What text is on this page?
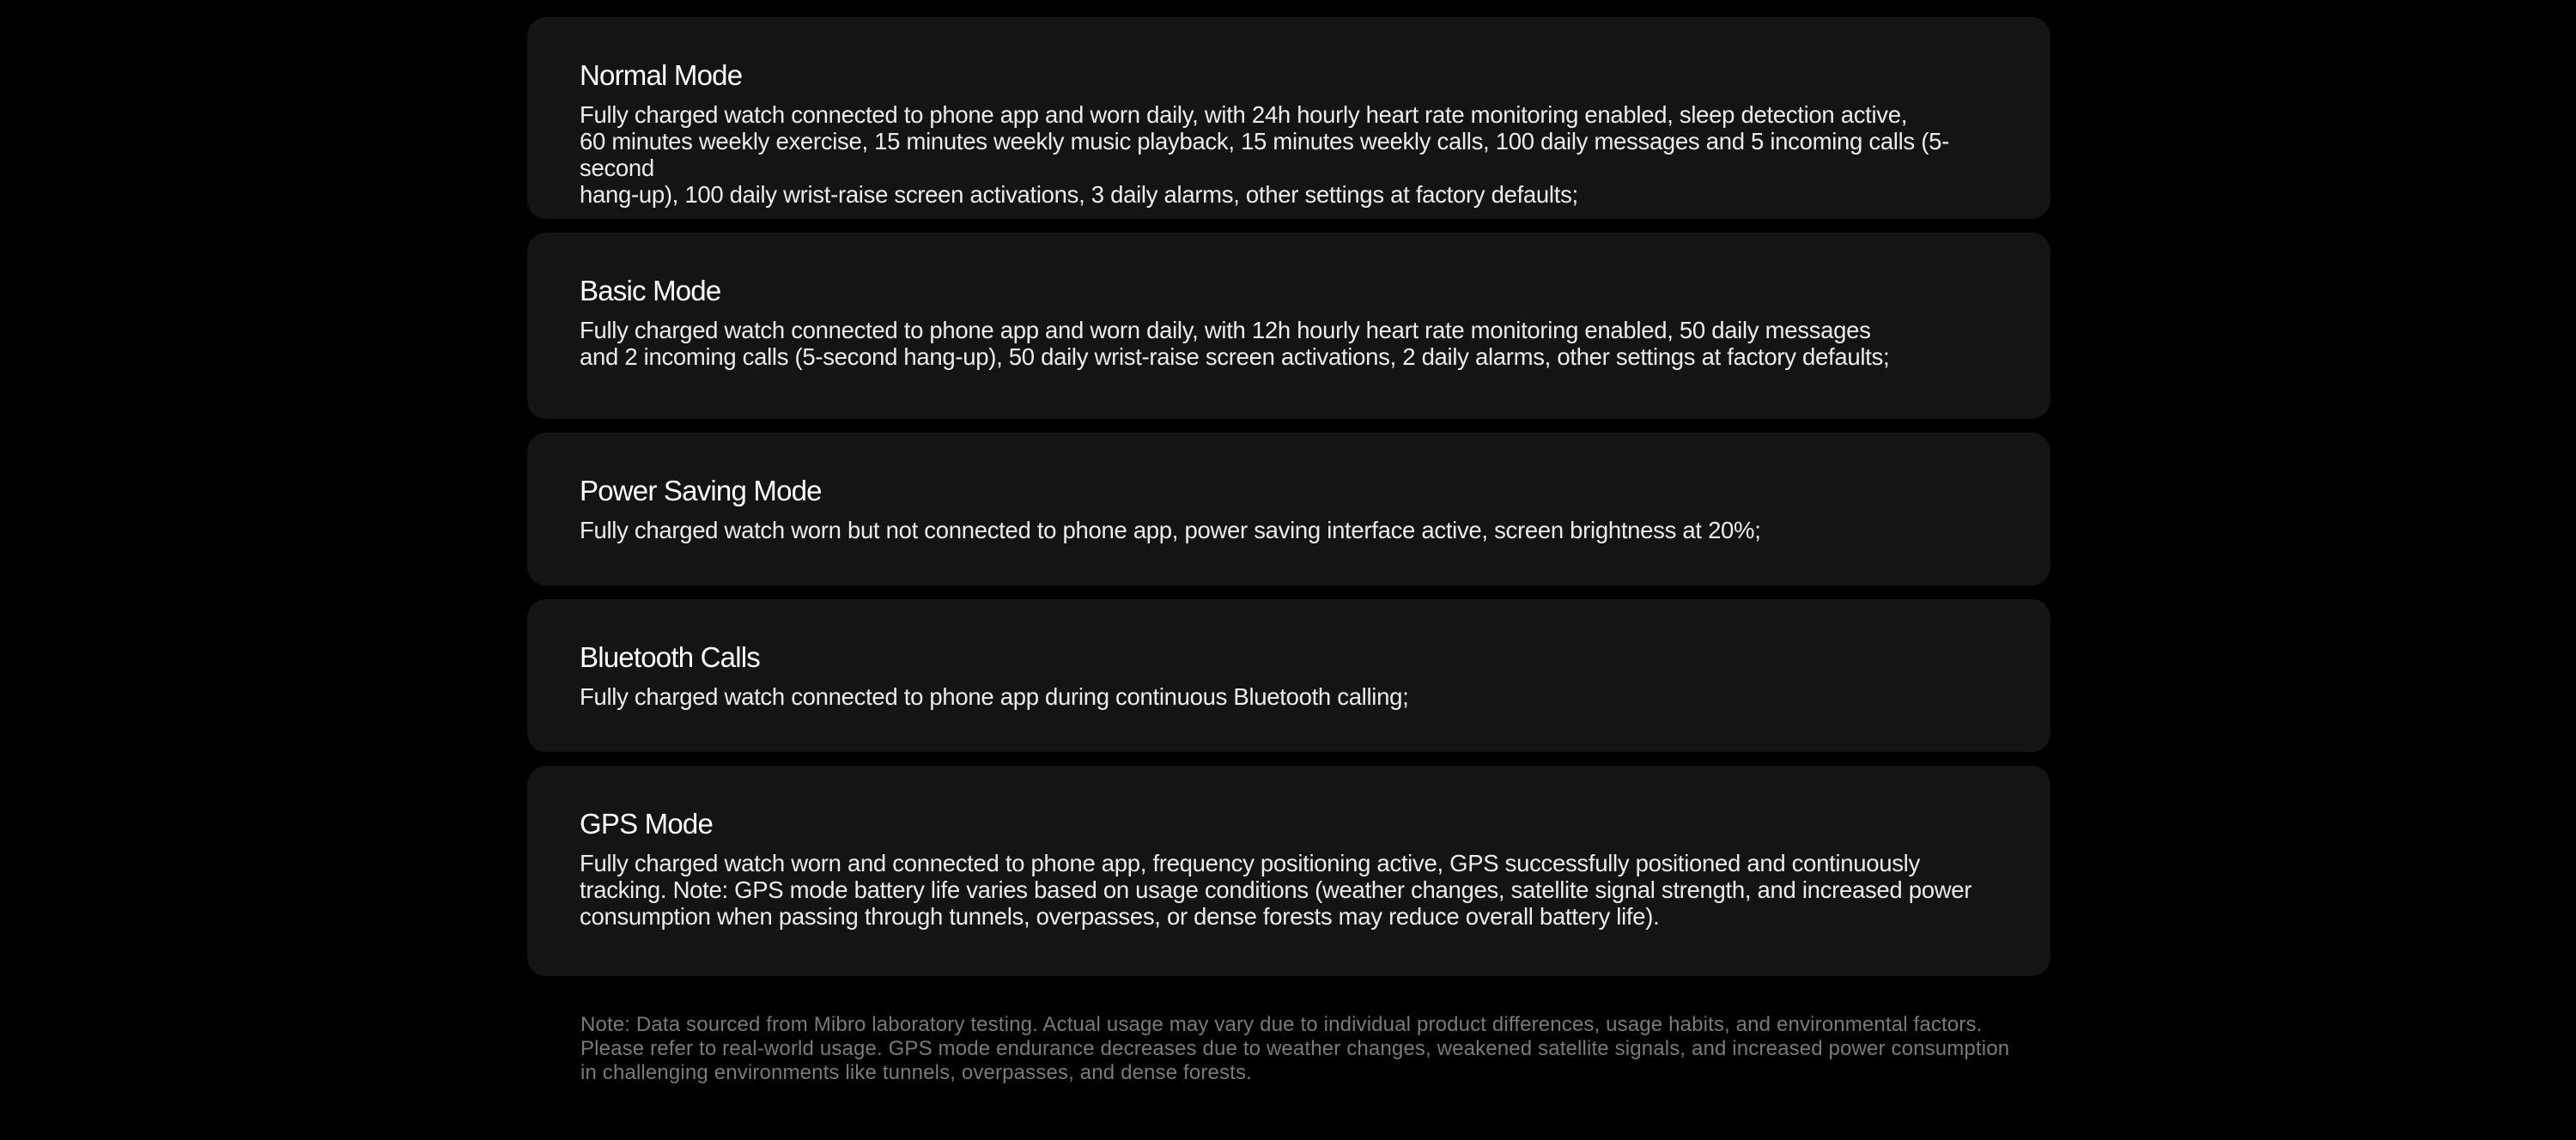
Normal Mode

Fully charged watch connected to phone app and worn daily, with 24h hourly heart rate monitoring enabled, sleep detection active,
60 minutes weekly exercise, 15 minutes weekly music playback, 15 minutes weekly calls, 100 daily messages and 5 incoming calls (5-second
hang-up), 100 daily wrist-raise screen activations, 3 daily alarms, other settings at factory defaults;

Basic Mode

Fully charged watch connected to phone app and worn daily, with 12h hourly heart rate monitoring enabled, 50 daily messages
and 2 incoming calls (5-second hang-up), 50 daily wrist-raise screen activations, 2 daily alarms, other settings at factory defaults;

Power Saving Mode

Fully charged watch worn but not connected to phone app, power saving interface active, screen brightness at 20%;

Bluetooth Calls

Fully charged watch connected to phone app during continuous Bluetooth calling;

GPS Mode

Fully charged watch worn and connected to phone app, frequency positioning active, GPS successfully positioned and continuously
tracking. Note: GPS mode battery life varies based on usage conditions (weather changes, satellite signal strength, and increased power
consumption when passing through tunnels, overpasses, or dense forests may reduce overall battery life).

Note: Data sourced from Mibro laboratory testing. Actual usage may vary due to individual product differences, usage habits, and environmental factors.
Please refer to real-world usage. GPS mode endurance decreases due to weather changes, weakened satellite signals, and increased power consumption
in challenging environments like tunnels, overpasses, and dense forests.
